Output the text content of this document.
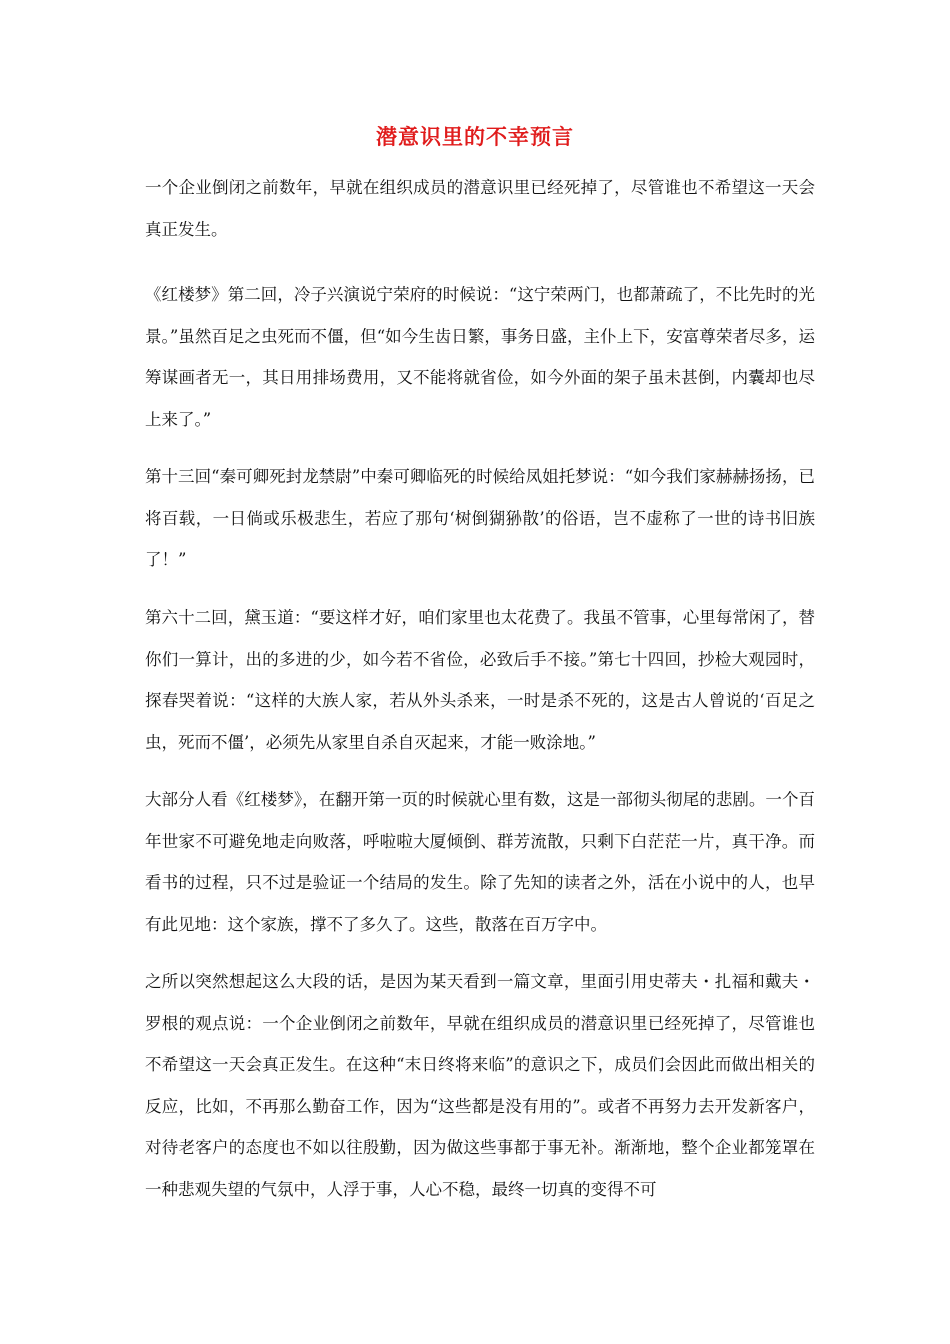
潜意识里的不幸预言

一个企业倒闭之前数年，早就在组织成员的潜意识里已经死掉了，尽管谁也不希望这一天会真正发生。

《红楼梦》第二回，冷子兴演说宁荣府的时候说：“这宁荣两门，也都萧疏了，不比先时的光景。”虽然百足之虫死而不僵，但“如今生齿日繁，事务日盛，主仆上下，安富尊荣者尽多，运筹谋画者无一，其日用排场费用，又不能将就省俭，如今外面的架子虽未甚倒，内囊却也尽上来了。”

第十三回“秦可卿死封龙禁尉”中秦可卿临死的时候给凤姐托梦说：“如今我们家赫赫扬扬，已将百载，一日倘或乐极悲生，若应了那句‘树倒猢狲散’的俗语，岂不虚称了一世的诗书旧族了！”

第六十二回，黛玉道：“要这样才好，咱们家里也太花费了。我虽不管事，心里每常闲了，替你们一算计，出的多进的少，如今若不省俭，必致后手不接。”第七十四回，抄检大观园时，探春哭着说：“这样的大族人家，若从外头杀来，一时是杀不死的，这是古人曾说的‘百足之虫，死而不僵’，必须先从家里自杀自灭起来，才能一败涂地。”

大部分人看《红楼梦》，在翻开第一页的时候就心里有数，这是一部彻头彻尾的悲剧。一个百年世家不可避免地走向败落，呼啦啦大厦倾倒、群芳流散，只剩下白茫茫一片，真干净。而看书的过程，只不过是验证一个结局的发生。除了先知的读者之外，活在小说中的人，也早有此见地：这个家族，撑不了多久了。这些，散落在百万字中。

之所以突然想起这么大段的话，是因为某天看到一篇文章，里面引用史蒂夫・扎福和戴夫・罗根的观点说：一个企业倒闭之前数年，早就在组织成员的潜意识里已经死掉了，尽管谁也不希望这一天会真正发生。在这种“末日终将来临”的意识之下，成员们会因此而做出相关的反应，比如，不再那么勤奋工作，因为“这些都是没有用的”。或者不再努力去开发新客户，对待老客户的态度也不如以往殷勤，因为做这些事都于事无补。渐渐地，整个企业都笼罩在一种悲观失望的气氛中，人浮于事，人心不稳，最终一切真的变得不可
